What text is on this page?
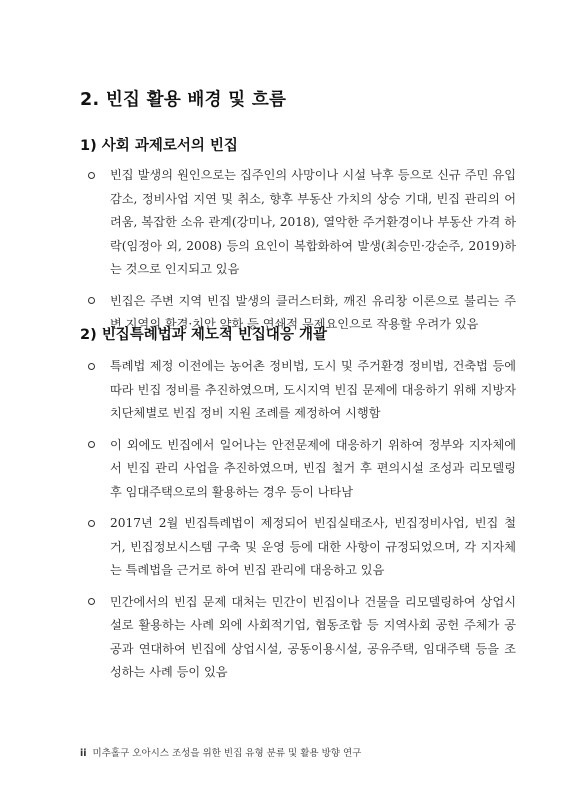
2. 빈집 활용 배경 및 흐름
1) 사회 과제로서의 빈집
빈집 발생의 원인으로는 집주인의 사망이나 시설 낙후 등으로 신규 주민 유입 감소, 정비사업 지연 및 취소, 향후 부동산 가치의 상승 기대, 빈집 관리의 어려움, 복잡한 소유 관계(강미나, 2018), 열악한 주거환경이나 부동산 가격 하락(임정아 외, 2008) 등의 요인이 복합화하여 발생(최승민·강순주, 2019)하는 것으로 인지되고 있음
빈집은 주변 지역 빈집 발생의 클러스터화, 깨진 유리창 이론으로 불리는 주변 지역의 환경·치안 약화 등 연쇄적 문제요인으로 작용할 우려가 있음
2) 빈집특례법과 제도적 빈집대응 개괄
특례법 제정 이전에는 농어촌 정비법, 도시 및 주거환경 정비법, 건축법 등에 따라 빈집 정비를 추진하였으며, 도시지역 빈집 문제에 대응하기 위해 지방자치단체별로 빈집 정비 지원 조례를 제정하여 시행함
이 외에도 빈집에서 일어나는 안전문제에 대응하기 위하여 정부와 지자체에서 빈집 관리 사업을 추진하였으며, 빈집 철거 후 편의시설 조성과 리모델링 후 임대주택으로의 활용하는 경우 등이 나타남
2017년 2월 빈집특례법이 제정되어 빈집실태조사, 빈집정비사업, 빈집 철거, 빈집정보시스템 구축 및 운영 등에 대한 사항이 규정되었으며, 각 지자체는 특례법을 근거로 하여 빈집 관리에 대응하고 있음
민간에서의 빈집 문제 대처는 민간이 빈집이나 건물을 리모델링하여 상업시설로 활용하는 사례 외에 사회적기업, 협동조합 등 지역사회 공헌 주체가 공공과 연대하여 빈집에 상업시설, 공동이용시설, 공유주택, 임대주택 등을 조성하는 사례 등이 있음
ii 미추홀구 오아시스 조성을 위한 빈집 유형 분류 및 활용 방향 연구
